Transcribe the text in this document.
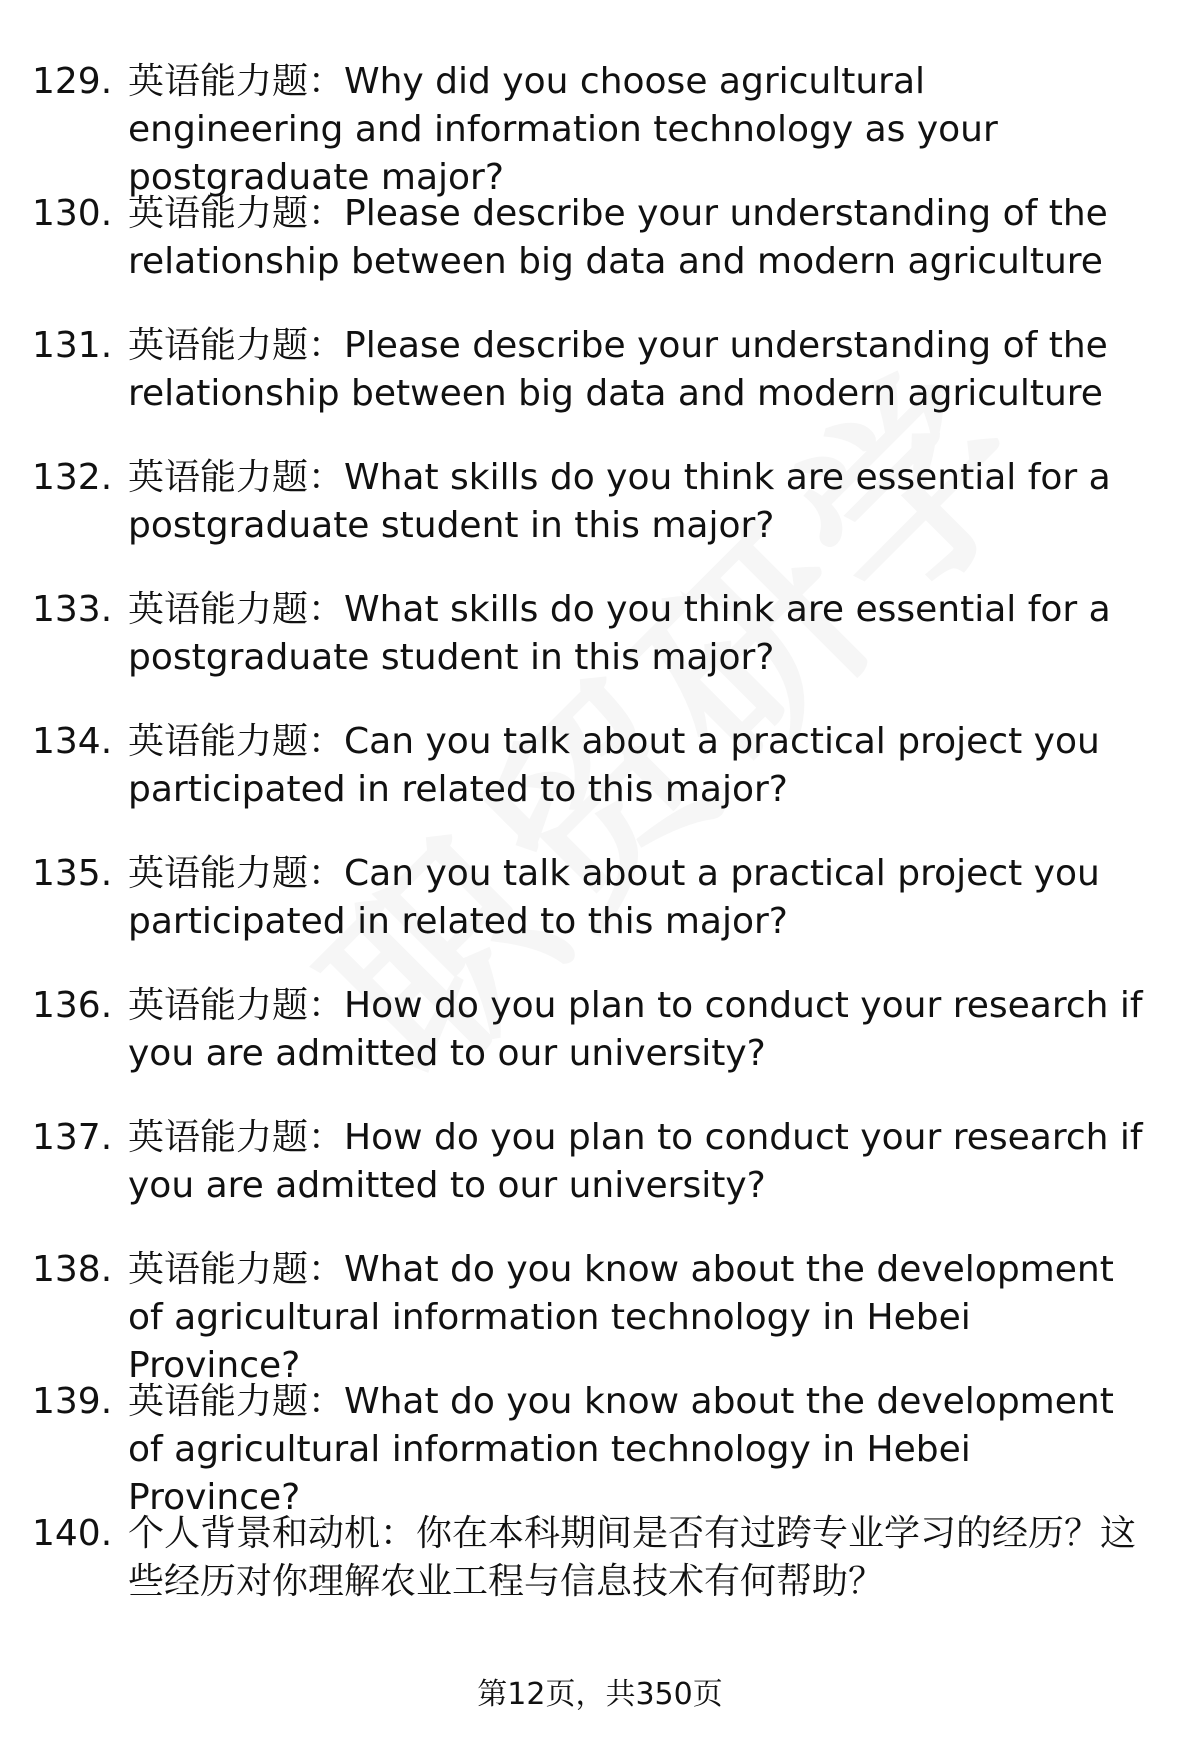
129. 英语能力题：Why did you choose agricultural engineering and information technology as your postgraduate major?
130. 英语能力题：Please describe your understanding of the relationship between big data and modern agriculture
131. 英语能力题：Please describe your understanding of the relationship between big data and modern agriculture
132. 英语能力题：What skills do you think are essential for a postgraduate student in this major?
133. 英语能力题：What skills do you think are essential for a postgraduate student in this major?
134. 英语能力题：Can you talk about a practical project you participated in related to this major?
135. 英语能力题：Can you talk about a practical project you participated in related to this major?
136. 英语能力题：How do you plan to conduct your research if you are admitted to our university?
137. 英语能力题：How do you plan to conduct your research if you are admitted to our university?
138. 英语能力题：What do you know about the development of agricultural information technology in Hebei Province?
139. 英语能力题：What do you know about the development of agricultural information technology in Hebei Province?
140. 个人背景和动机：你在本科期间是否有过跨专业学习的经历？这些经历对你理解农业工程与信息技术有何帮助？
第12页，共350页
